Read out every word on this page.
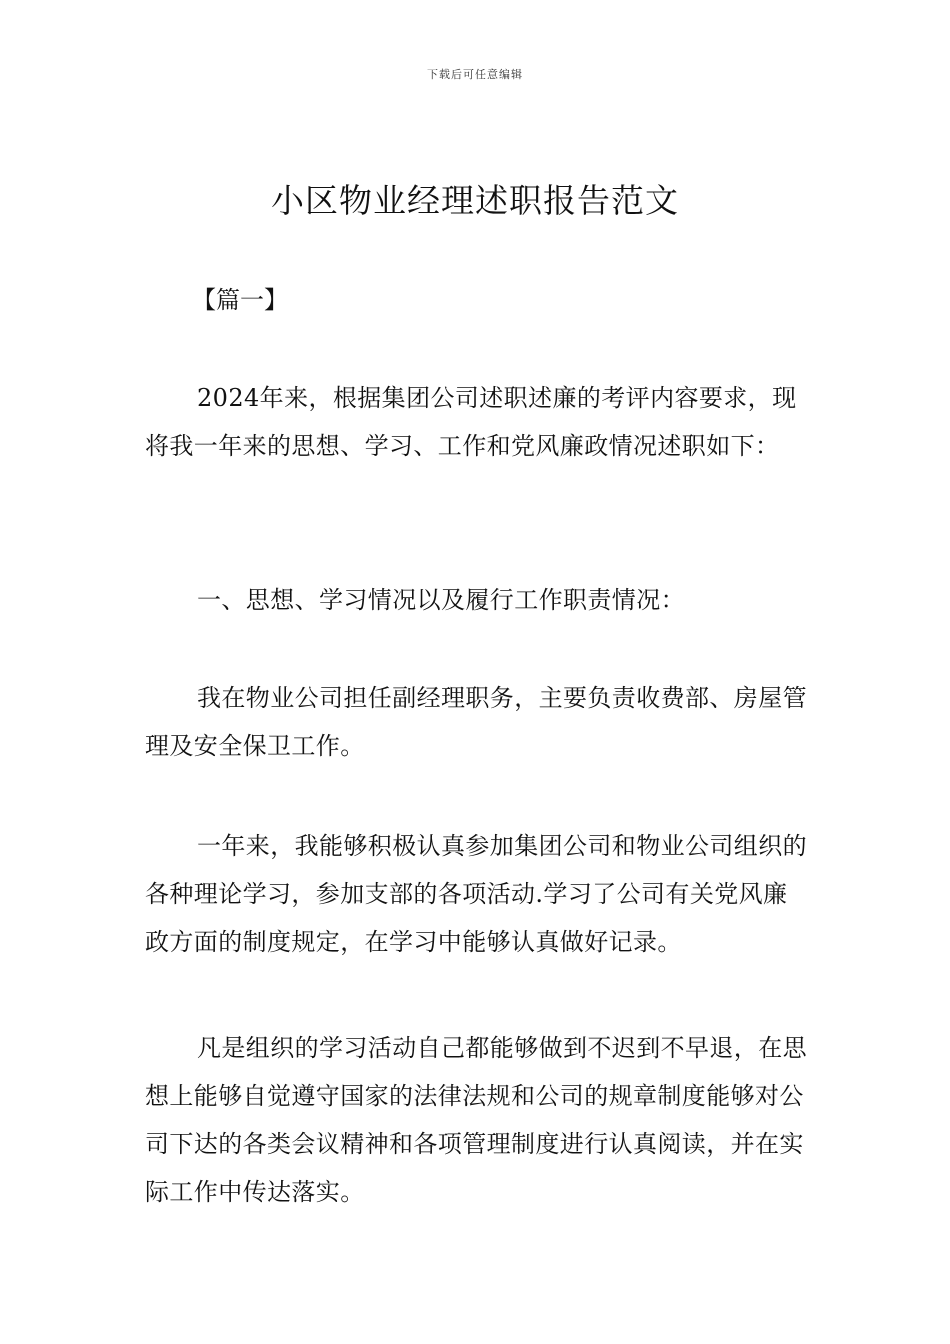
下载后可任意编辑
小区物业经理述职报告范文
【篇一】

2024年来，根据集团公司述职述廉的考评内容要求，现将我一年来的思想、学习、工作和党风廉政情况述职如下：

一、思想、学习情况以及履行工作职责情况：

我在物业公司担任副经理职务，主要负责收费部、房屋管理及安全保卫工作。

一年来，我能够积极认真参加集团公司和物业公司组织的各种理论学习，参加支部的各项活动.学习了公司有关党风廉政方面的制度规定，在学习中能够认真做好记录。

凡是组织的学习活动自己都能够做到不迟到不早退，在思想上能够自觉遵守国家的法律法规和公司的规章制度能够对公司下达的各类会议精神和各项管理制度进行认真阅读，并在实际工作中传达落实。
